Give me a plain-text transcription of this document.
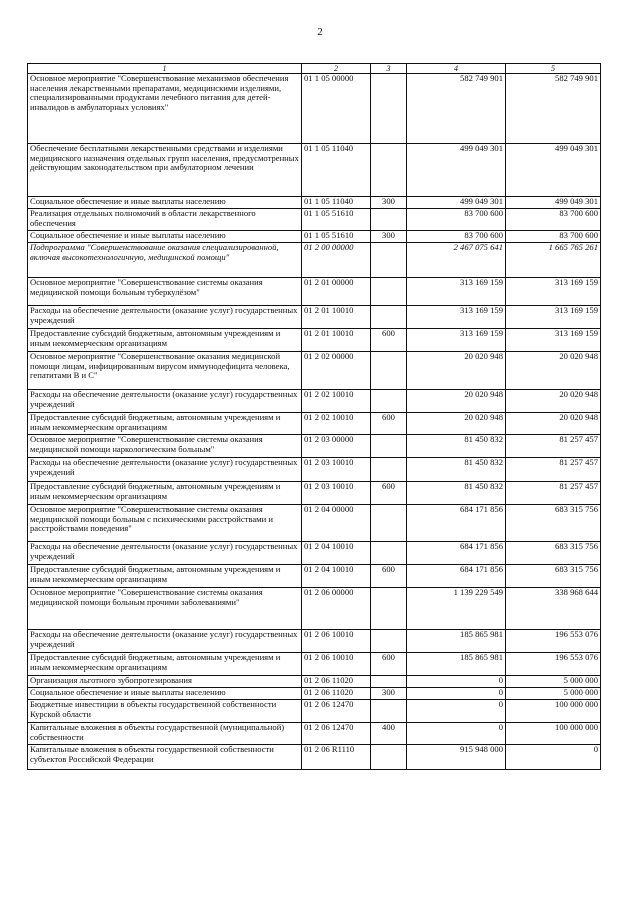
2
1	2	3	4	5
Основное мероприятие "Совершенствование механизмов обеспечения населения лекарственными препаратами, медицинскими изделиями, специализированными продуктами лечебного питания для детей-инвалидов в амбулаторных условиях"	01 1 05 00000		582 749 901	582 749 901
Обеспечение бесплатными лекарственными средствами и изделиями медицинского назначения отдельных групп населения, предусмотренных действующим законодательством при амбулаторном лечении	01 1 05 11040		499 049 301	499 049 301
Социальное обеспечение и иные выплаты населению	01 1 05 11040	300	499 049 301	499 049 301
Реализация отдельных полномочий в области лекарственного обеспечения	01 1 05 51610		83 700 600	83 700 600
Социальное обеспечение и иные выплаты населению	01 1 05 51610	300	83 700 600	83 700 600
Подпрограмма "Совершенствование оказания специализированной, включая высокотехнологичную, медицинской помощи"	01 2 00 00000		2 467 075 641	1 665 765 261
Основное мероприятие "Совершенствование системы оказания медицинской помощи больным туберкулёзом"	01 2 01 00000		313 169 159	313 169 159
Расходы на обеспечение деятельности (оказание услуг) государственных учреждений	01 2 01 10010		313 169 159	313 169 159
Предоставление субсидий бюджетным, автономным учреждениям и иным некоммерческим организациям	01 2 01 10010	600	313 169 159	313 169 159
Основное мероприятие "Совершенствование оказания медицинской помощи лицам, инфицированным вирусом иммунодефицита человека, гепатитами В и С"	01 2 02 00000		20 020 948	20 020 948
Расходы на обеспечение деятельности (оказание услуг) государственных учреждений	01 2 02 10010		20 020 948	20 020 948
Предоставление субсидий бюджетным, автономным учреждениям и иным некоммерческим организациям	01 2 02 10010	600	20 020 948	20 020 948
Основное мероприятие "Совершенствование системы оказания медицинской помощи наркологическим больным"	01 2 03 00000		81 450 832	81 257 457
Расходы на обеспечение деятельности (оказание услуг) государственных учреждений	01 2 03 10010		81 450 832	81 257 457
Предоставление субсидий бюджетным, автономным учреждениям и иным некоммерческим организациям	01 2 03 10010	600	81 450 832	81 257 457
Основное мероприятие "Совершенствование системы оказания медицинской помощи больным с психическими расстройствами и расстройствами поведения"	01 2 04 00000		684 171 856	683 315 756
Расходы на обеспечение деятельности (оказание услуг) государственных учреждений	01 2 04 10010		684 171 856	683 315 756
Предоставление субсидий бюджетным, автономным учреждениям и иным некоммерческим организациям	01 2 04 10010	600	684 171 856	683 315 756
Основное мероприятие "Совершенствование системы оказания медицинской помощи больным прочими заболеваниями"	01 2 06 00000		1 139 229 549	338 968 644
Расходы на обеспечение деятельности (оказание услуг) государственных учреждений	01 2 06 10010		185 865 981	196 553 076
Предоставление субсидий бюджетным, автономным учреждениям и иным некоммерческим организациям	01 2 06 10010	600	185 865 981	196 553 076
Организация льготного зубопротезирования	01 2 06 11020		0	5 000 000
Социальное обеспечение и иные выплаты населению	01 2 06 11020	300	0	5 000 000
Бюджетные инвестиции в объекты государственной собственности Курской области	01 2 06 12470		0	100 000 000
Капитальные вложения в объекты государственной (муниципальной) собственности	01 2 06 12470	400	0	100 000 000
Капитальные вложения в объекты государственной собственности субъектов Российской Федерации	01 2 06 R1110		915 948 000	0
